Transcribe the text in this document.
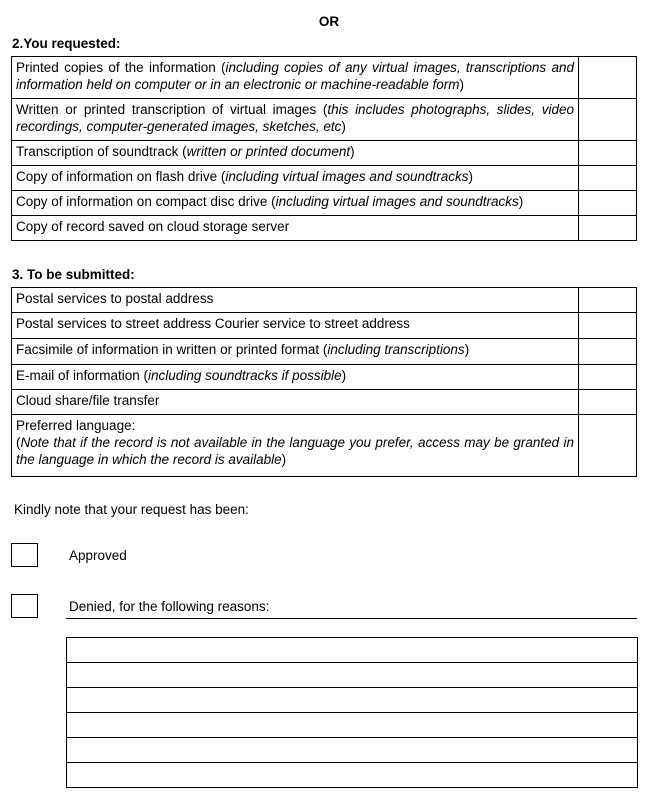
OR
2.You requested:
Printed copies of the information (including copies of any virtual images, transcriptions and information held on computer or in an electronic or machine-readable form)	
Written or printed transcription of virtual images (this includes photographs, slides, video recordings, computer-generated images, sketches, etc)	
Transcription of soundtrack (written or printed document)	
Copy of information on flash drive (including virtual images and soundtracks)	
Copy of information on compact disc drive (including virtual images and soundtracks)	
Copy of record saved on cloud storage server	
3. To be submitted:
Postal services to postal address	
Postal services to street address Courier service to street address	
Facsimile of information in written or printed format (including transcriptions)	
E-mail of information (including soundtracks if possible)	
Cloud share/file transfer	

Preferred language:
(Note that if the record is not available in the language you prefer, access may be granted in the language in which the record is available)	

Kindly note that your request has been:
Approved
Denied, for the following reasons:
